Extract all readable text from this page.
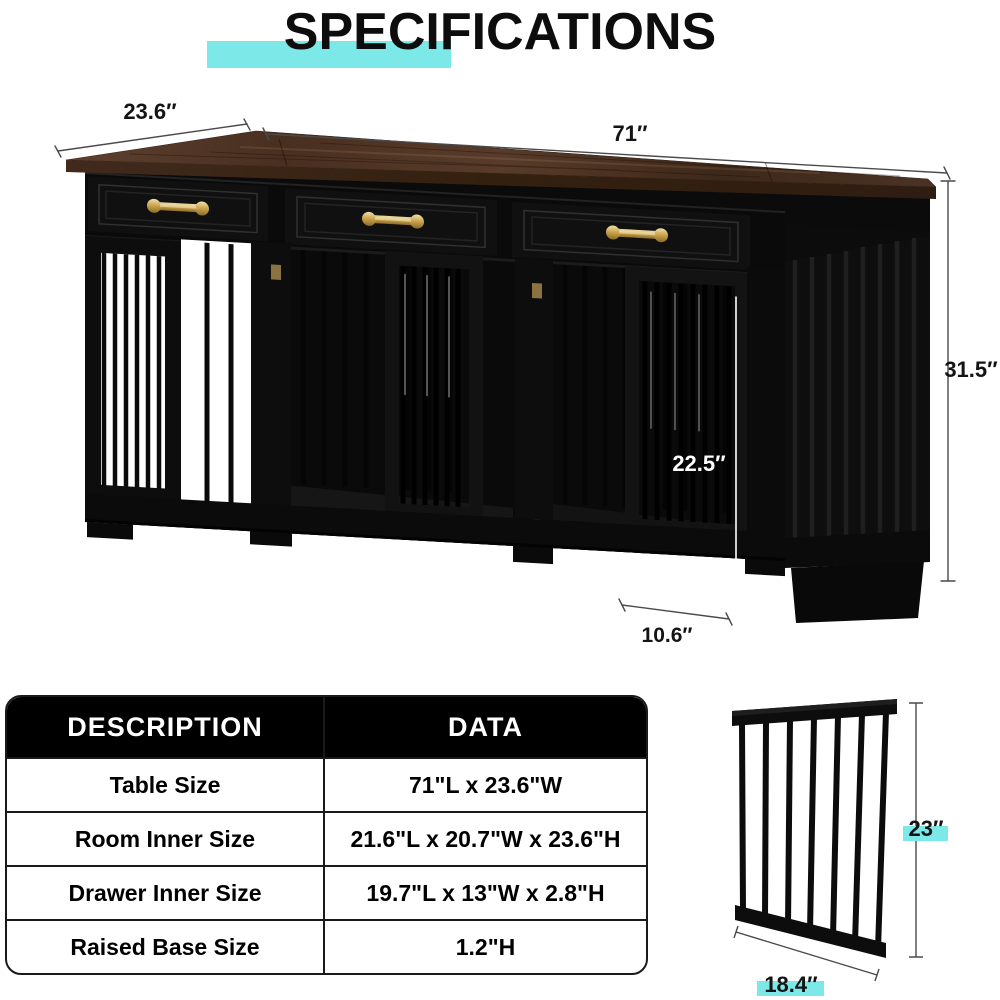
SPECIFICATIONS
23.6″
71″
31.5″
22.5″
10.6″
23″
18.4″
DESCRIPTION	DATA
Table Size	71"L x 23.6"W
Room Inner Size	21.6"L x 20.7"W x 23.6"H
Drawer Inner Size	19.7"L x 13"W x 2.8"H
Raised Base Size	1.2"H
